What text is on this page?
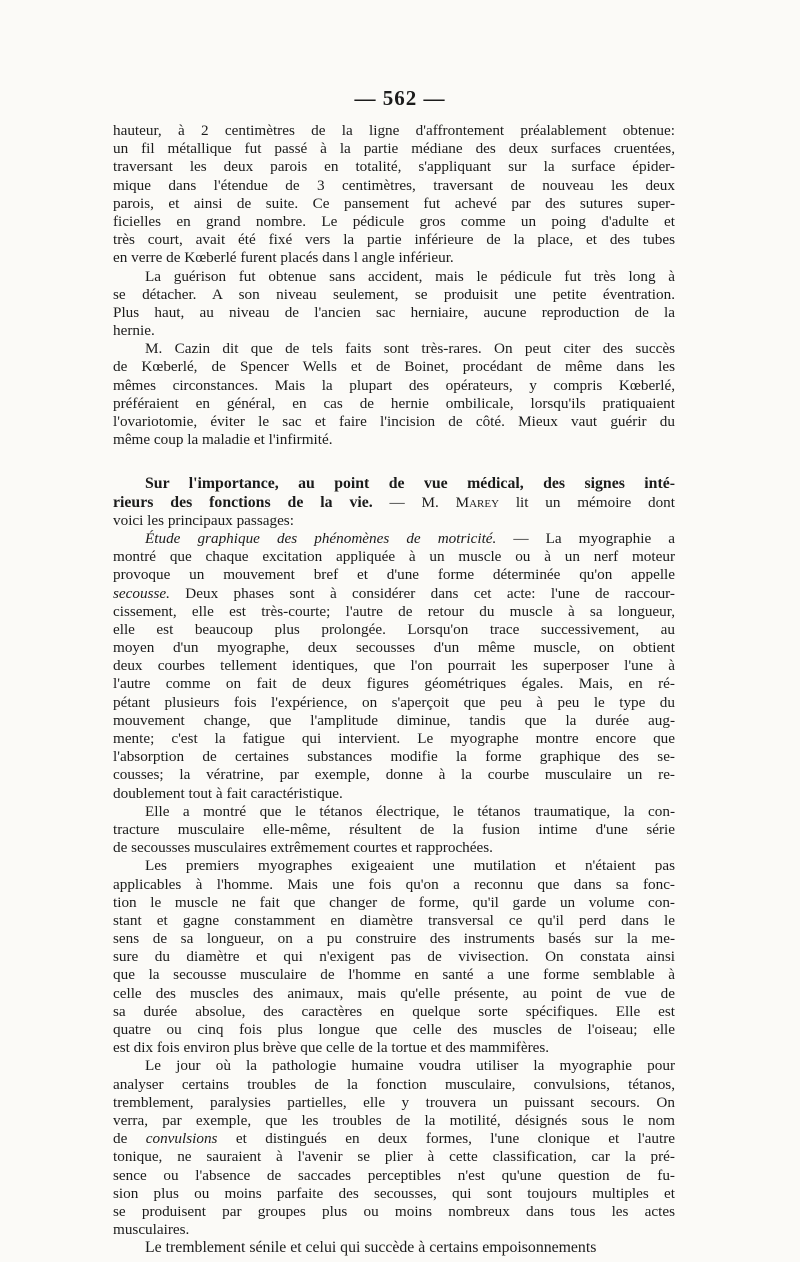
— 562 —
hauteur, à 2 centimètres de la ligne d'affrontement préalablement obtenue:
un fil métallique fut passé à la partie médiane des deux surfaces cruentées,
traversant les deux parois en totalité, s'appliquant sur la surface épider-
mique dans l'étendue de 3 centimètres, traversant de nouveau les deux
parois, et ainsi de suite. Ce pansement fut achevé par des sutures super-
ficielles en grand nombre. Le pédicule gros comme un poing d'adulte et
très court, avait été fixé vers la partie inférieure de la place, et des tubes
en verre de Kœberlé furent placés dans l angle inférieur.
La guérison fut obtenue sans accident, mais le pédicule fut très long à
se détacher. A son niveau seulement, se produisit une petite éventration.
Plus haut, au niveau de l'ancien sac herniaire, aucune reproduction de la
hernie.
M. Cazin dit que de tels faits sont très-rares. On peut citer des succès
de Kœberlé, de Spencer Wells et de Boinet, procédant de même dans les
mêmes circonstances. Mais la plupart des opérateurs, y compris Kœberlé,
préféraient en général, en cas de hernie ombilicale, lorsqu'ils pratiquaient
l'ovariotomie, éviter le sac et faire l'incision de côté. Mieux vaut guérir du
même coup la maladie et l'infirmité.
Sur l'importance, au point de vue médical, des signes inté-
rieurs des fonctions de la vie. — M. Marey lit un mémoire dont
voici les principaux passages:
Étude graphique des phénomènes de motricité. — La myographie a
montré que chaque excitation appliquée à un muscle ou à un nerf moteur
provoque un mouvement bref et d'une forme déterminée qu'on appelle
secousse. Deux phases sont à considérer dans cet acte: l'une de raccour-
cissement, elle est très-courte; l'autre de retour du muscle à sa longueur,
elle est beaucoup plus prolongée. Lorsqu'on trace successivement, au
moyen d'un myographe, deux secousses d'un même muscle, on obtient
deux courbes tellement identiques, que l'on pourrait les superposer l'une à
l'autre comme on fait de deux figures géométriques égales. Mais, en ré-
pétant plusieurs fois l'expérience, on s'aperçoit que peu à peu le type du
mouvement change, que l'amplitude diminue, tandis que la durée aug-
mente; c'est la fatigue qui intervient. Le myographe montre encore que
l'absorption de certaines substances modifie la forme graphique des se-
cousses; la vératrine, par exemple, donne à la courbe musculaire un re-
doublement tout à fait caractéristique.
Elle a montré que le tétanos électrique, le tétanos traumatique, la con-
tracture musculaire elle-même, résultent de la fusion intime d'une série
de secousses musculaires extrêmement courtes et rapprochées.
Les premiers myographes exigeaient une mutilation et n'étaient pas
applicables à l'homme. Mais une fois qu'on a reconnu que dans sa fonc-
tion le muscle ne fait que changer de forme, qu'il garde un volume con-
stant et gagne constamment en diamètre transversal ce qu'il perd dans le
sens de sa longueur, on a pu construire des instruments basés sur la me-
sure du diamètre et qui n'exigent pas de vivisection. On constata ainsi
que la secousse musculaire de l'homme en santé a une forme semblable à
celle des muscles des animaux, mais qu'elle présente, au point de vue de
sa durée absolue, des caractères en quelque sorte spécifiques. Elle est
quatre ou cinq fois plus longue que celle des muscles de l'oiseau; elle
est dix fois environ plus brève que celle de la tortue et des mammifères.
Le jour où la pathologie humaine voudra utiliser la myographie pour
analyser certains troubles de la fonction musculaire, convulsions, tétanos,
tremblement, paralysies partielles, elle y trouvera un puissant secours. On
verra, par exemple, que les troubles de la motilité, désignés sous le nom
de convulsions et distingués en deux formes, l'une clonique et l'autre
tonique, ne sauraient à l'avenir se plier à cette classification, car la pré-
sence ou l'absence de saccades perceptibles n'est qu'une question de fu-
sion plus ou moins parfaite des secousses, qui sont toujours multiples et
se produisent par groupes plus ou moins nombreux dans tous les actes
musculaires.
Le tremblement sénile et celui qui succède à certains empoisonnements
